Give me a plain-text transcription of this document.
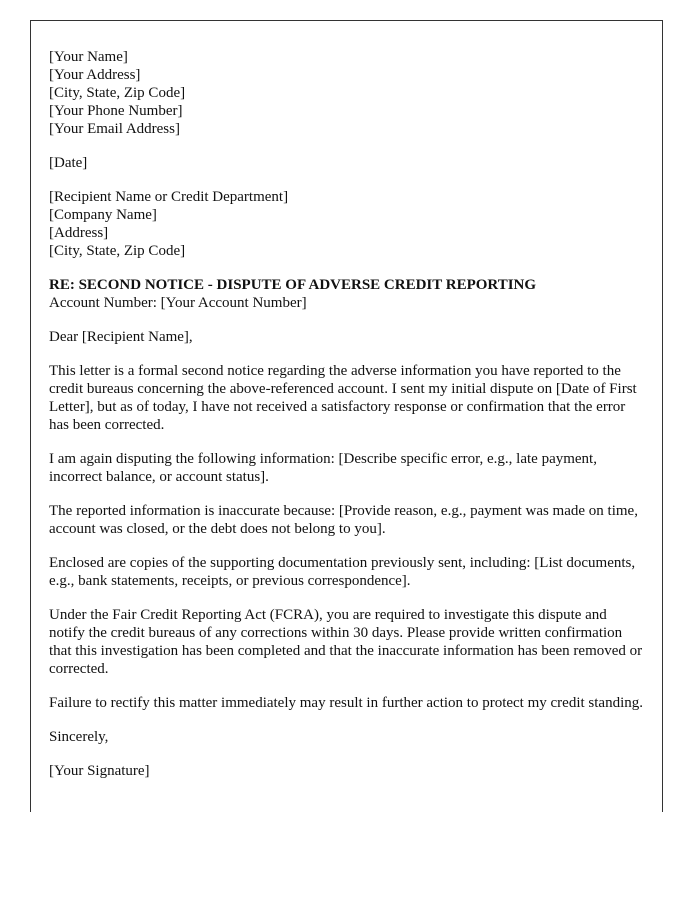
[Your Name]
[Your Address]
[City, State, Zip Code]
[Your Phone Number]
[Your Email Address]

[Date]

[Recipient Name or Credit Department]
[Company Name]
[Address]
[City, State, Zip Code]

RE: SECOND NOTICE - DISPUTE OF ADVERSE CREDIT REPORTING
Account Number: [Your Account Number]

Dear [Recipient Name],

This letter is a formal second notice regarding the adverse information you have reported to the credit bureaus concerning the above-referenced account. I sent my initial dispute on [Date of First Letter], but as of today, I have not received a satisfactory response or confirmation that the error has been corrected.

I am again disputing the following information: [Describe specific error, e.g., late payment, incorrect balance, or account status].

The reported information is inaccurate because: [Provide reason, e.g., payment was made on time, account was closed, or the debt does not belong to you].

Enclosed are copies of the supporting documentation previously sent, including: [List documents, e.g., bank statements, receipts, or previous correspondence].

Under the Fair Credit Reporting Act (FCRA), you are required to investigate this dispute and notify the credit bureaus of any corrections within 30 days. Please provide written confirmation that this investigation has been completed and that the inaccurate information has been removed or corrected.

Failure to rectify this matter immediately may result in further action to protect my credit standing.

Sincerely,

[Your Signature]
